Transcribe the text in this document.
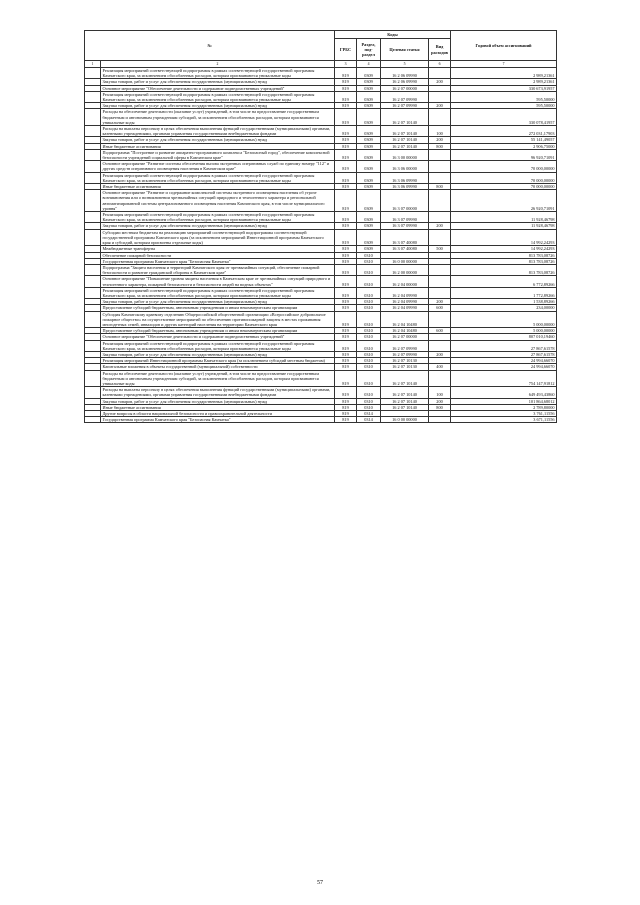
№		Коды				Годовой объем ассигнований
		ГРБС	Раздел, под-раздел	Целевая статья	Вид расходов	
1	2	3	4	5	6	7
	Реализация мероприятий соответствующей подпрограммы в рамках соответствующей государственной программы Камчатского края, за исключением обособленных расходов, которым присваиваются уникальные коды	819	0309	16 2 06 09990		2 989,21361
	Закупка товаров, работ и услуг для обеспечения государственных (муниципальных) нужд	819	0309	16 2 06 09990	200	2 989,21361
	Основное мероприятие "Обеспечение деятельности и содержание подведомственных учреждений"	819	0309	16 2 07 00000		330 673,91957
	Реализация мероприятий соответствующей подпрограммы в рамках соответствующей государственной программы Камчатского края, за исключением обособленных расходов, которым присваиваются уникальные коды	819	0309	16 2 07 09990		595,50000
	Закупка товаров, работ и услуг для обеспечения государственных (муниципальных) нужд	819	0309	16 2 07 09990	200	595,50000
	Расходы на обеспечение деятельности (оказание услуг) учреждений, в том числе на предоставление государственным бюджетным и автономным учреждениям субсидий, за исключением обособленных расходов, которым присваиваются уникальные коды	819	0309	16 2 07 10140		330 078,41957
	Расходы на выплаты персоналу в целях обеспечения выполнения функций государственными (муниципальными) органами, казенными учреждениями, органами управления государственными внебюджетными фондами	819	0309	16 2 07 10140	100	272 031,17903
	Закупка товаров, работ и услуг для обеспечения государственных (муниципальных) нужд	819	0309	16 2 07 10140	200	55 141,49057
	Иные бюджетные ассигнования	819	0309	16 2 07 10140	800	2 906,75000
	Подпрограмма "Построение и развитие аппаратно-программного комплекса "Безопасный город", обеспечение комплексной безопасности учреждений социальной сферы в Камчатском крае"	819	0309	16 3 00 00000		96 920,71091
	Основное мероприятие "Развитие системы обеспечения вызова экстренных оперативных служб по единому номеру "112" и других средств оперативного оповещения населения в Камчатском крае"	819	0309	16 3 06 00000		70 000,00000
	Реализация мероприятий соответствующей подпрограммы в рамках соответствующей государственной программы Камчатского края, за исключением обособленных расходов, которым присваиваются уникальные коды	819	0309	16 3 06 09990		70 000,00000
	Иные бюджетные ассигнования	819	0309	16 3 06 09990	800	70 000,00000
	Основное мероприятие "Развитие и содержание комплексной системы экстренного оповещения населения об угрозе возникновения или о возникновении чрезвычайных ситуаций природного и техногенного характера и региональной автоматизированной системы централизованного оповещения населения Камчатского края, в том числе муниципального уровня"	819	0309	16 3 07 00000		26 920,71091
	Реализация мероприятий соответствующей подпрограммы в рамках соответствующей государственной программы Камчатского края, за исключением обособленных расходов, которым присваиваются уникальные коды	819	0309	16 3 07 09990		11 928,46798
	Закупка товаров, работ и услуг для обеспечения государственных (муниципальных) нужд	819	0309	16 3 07 09990	200	11 928,46798
	Субсидии местным бюджетам на реализацию мероприятий соответствующей подпрограммы соответствующей государственной программы Камчатского края (за исключением мероприятий Инвестиционной программы Камчатского края и субсидий, которым присвоены отдельные коды)	819	0309	16 3 07 40080		14 992,24293
	Межбюджетные трансферты	819	0309	16 3 07 40080	500	14 992,24293
	Обеспечение пожарной безопасности	819	0310			813 783,08726
	Государственная программа Камчатского края "Безопасная Камчатка"	819	0310	16 0 00 00000		813 783,08726
	Подпрограмма "Защита населения и территорий Камчатского края от чрезвычайных ситуаций, обеспечение пожарной безопасности и развитие гражданской обороны в Камчатском крае"	819	0310	16 2 00 00000		813 783,08726
	Основное мероприятие "Повышение уровня защиты населения в Камчатском крае от чрезвычайных ситуаций природного и техногенного характера, пожарной безопасности и безопасности людей на водных объектах"	819	0310	16 2 04 00000		6 772,89266
	Реализация мероприятий соответствующей подпрограммы в рамках соответствующей государственной программы Камчатского края, за исключением обособленных расходов, которым присваиваются уникальные коды	819	0310	16 2 04 09990		1 772,89266
	Закупка товаров, работ и услуг для обеспечения государственных (муниципальных) нужд	819	0310	16 2 04 09990	200	1 538,89266
	Предоставление субсидий бюджетным, автономным учреждениям и иным некоммерческим организациям	819	0310	16 2 04 09990	600	234,00000
	Субсидия Камчатскому краевому отделению Общероссийской общественной организации «Всероссийское добровольное пожарное общество» на осуществление мероприятий по обеспечению противопожарной защиты в местах проживания многодетных семей, инвалидов и других категорий населения на территории Камчатского края	819	0310	16 2 04 10480		5 000,00000
	Предоставление субсидий бюджетным, автономным учреждениям и иным некоммерческим организациям	819	0310	16 2 04 10480	600	5 000,00000
	Основное мероприятие "Обеспечение деятельности и содержание подведомственных учреждений"	819	0310	16 2 07 00000		807 010,19460
	Реализация мероприятий соответствующей подпрограммы в рамках соответствующей государственной программы Камчатского края, за исключением обособленных расходов, которым присваиваются уникальные коды	819	0310	16 2 07 09990		27 867,61578
	Закупка товаров, работ и услуг для обеспечения государственных (муниципальных) нужд	819	0310	16 2 07 09990	200	27 867,61578
	Реализация мероприятий Инвестиционной программы Камчатского края (за исключением субсидий местным бюджетам)	819	0310	16 2 07 10130		24 994,66070
	Капитальные вложения в объекты государственной (муниципальной) собственности	819	0310	16 2 07 10130	400	24 994,66070
	Расходы на обеспечение деятельности (оказание услуг) учреждений, в том числе на предоставление государственным бюджетным и автономным учреждениям субсидий, за исключением обособленных расходов, которым присваиваются уникальные коды	819	0310	16 2 07 10140		754 147,91812
	Расходы на выплаты персоналу в целях обеспечения выполнения функций государственными (муниципальными) органами, казенными учреждениями, органами управления государственными внебюджетными фондами	819	0310	16 2 07 10140	100	649 493,43860
	Закупка товаров, работ и услуг для обеспечения государственных (муниципальных) нужд	819	0310	16 2 07 10140	200	101 864,68012
	Иные бюджетные ассигнования	819	0310	16 2 07 10140	800	2 789,80000
	Другие вопросы в области национальной безопасности и правоохранительной деятельности	819	0314			3 761,11556
	Государственная программа Камчатского края "Безопасная Камчатка"	819	0314	16 0 00 00000		3 671,11556
57
